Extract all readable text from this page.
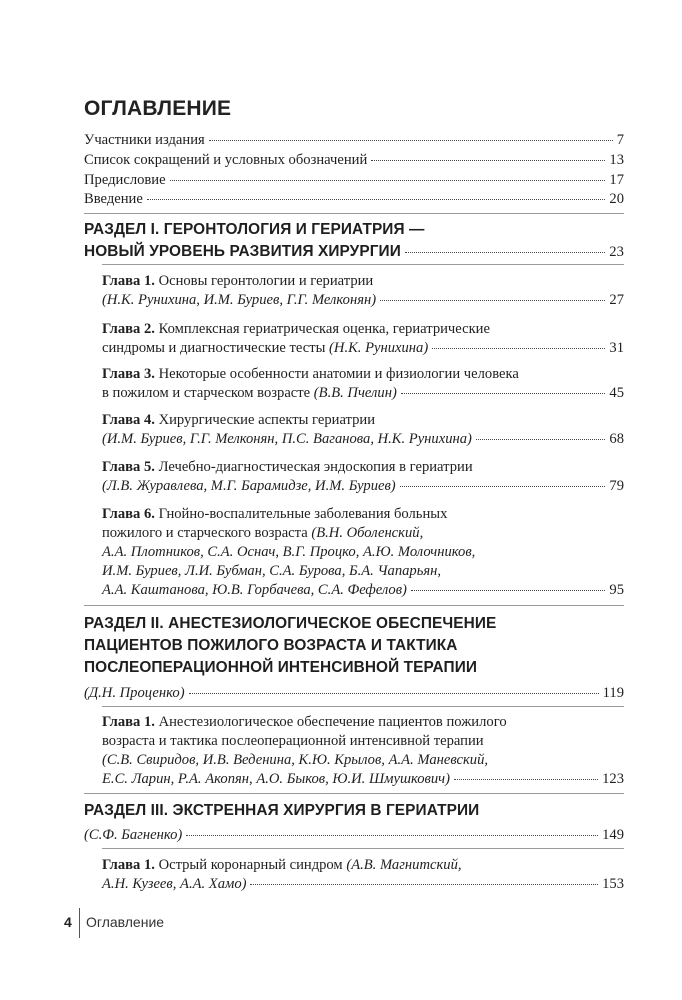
ОГЛАВЛЕНИЕ
Участники издания	7
Список сокращений и условных обозначений	13
Предисловие	17
Введение	20
РАЗДЕЛ I. ГЕРОНТОЛОГИЯ И ГЕРИАТРИЯ —
НОВЫЙ УРОВЕНЬ РАЗВИТИЯ ХИРУРГИИ	23
Глава 1. Основы геронтологии и гериатрии
(Н.К. Рунихина, И.М. Буриев, Г.Г. Мелконян)	27
Глава 2. Комплексная гериатрическая оценка, гериатрические
синдромы и диагностические тесты (Н.К. Рунихина)	31
Глава 3. Некоторые особенности анатомии и физиологии человека
в пожилом и старческом возрасте (В.В. Пчелин)	45
Глава 4. Хирургические аспекты гериатрии
(И.М. Буриев, Г.Г. Мелконян, П.С. Ваганова, Н.К. Рунихина)	68
Глава 5. Лечебно-диагностическая эндоскопия в гериатрии
(Л.В. Журавлева, М.Г. Барамидзе, И.М. Буриев)	79
Глава 6. Гнойно-воспалительные заболевания больных
пожилого и старческого возраста (В.Н. Оболенский,
А.А. Плотников, С.А. Оснач, В.Г. Процко, А.Ю. Молочников,
И.М. Буриев, Л.И. Бубман, С.А. Бурова, Б.А. Чапарьян,
А.А. Каштанова, Ю.В. Горбачева, С.А. Фефелов)	95
РАЗДЕЛ II. АНЕСТЕЗИОЛОГИЧЕСКОЕ ОБЕСПЕЧЕНИЕ
ПАЦИЕНТОВ ПОЖИЛОГО ВОЗРАСТА И ТАКТИКА
ПОСЛЕОПЕРАЦИОННОЙ ИНТЕНСИВНОЙ ТЕРАПИИ
(Д.Н. Проценко)	119
Глава 1. Анестезиологическое обеспечение пациентов пожилого
возраста и тактика послеоперационной интенсивной терапии
(С.В. Свиридов, И.В. Веденина, К.Ю. Крылов, А.А. Маневский,
Е.С. Ларин, Р.А. Акопян, А.О. Быков, Ю.И. Шмушкович)	123
РАЗДЕЛ III. ЭКСТРЕННАЯ ХИРУРГИЯ В ГЕРИАТРИИ
(С.Ф. Багненко)	149
Глава 1. Острый коронарный синдром (А.В. Магнитский,
А.Н. Кузеев, А.А. Хамо)	153
4 Оглавление
